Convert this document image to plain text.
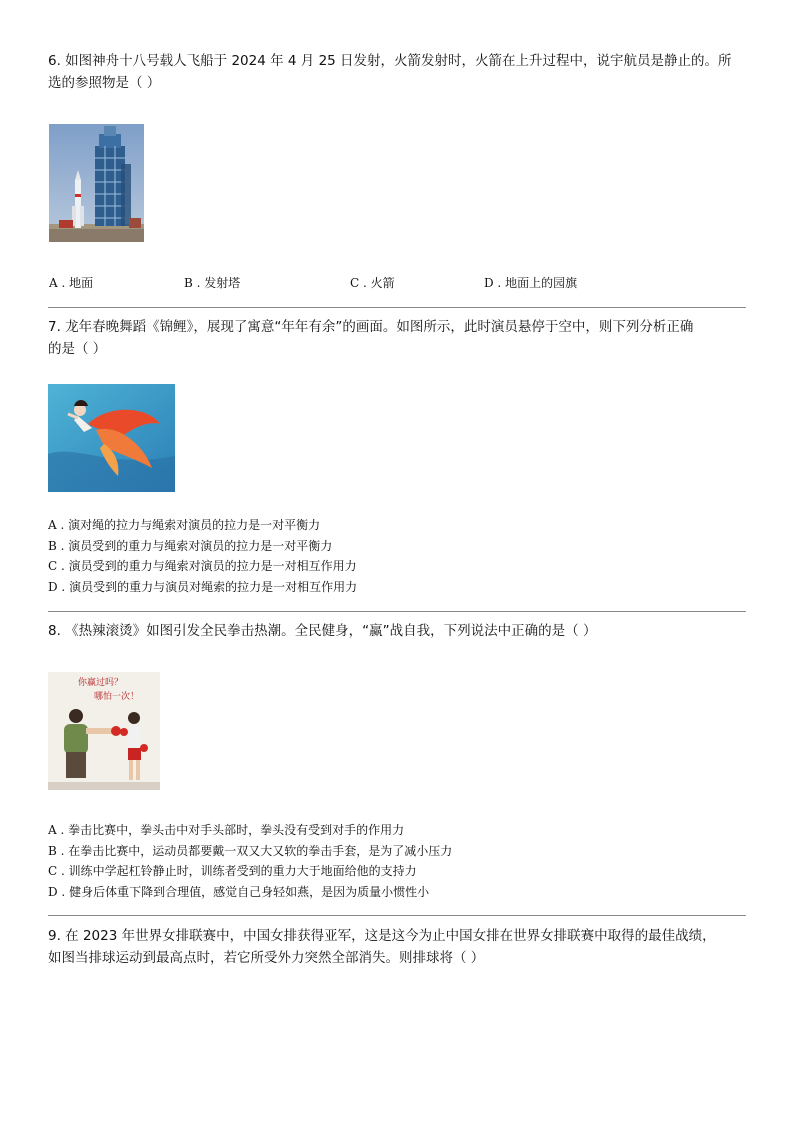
6. 如图神舟十八号载人飞船于 2024 年 4 月 25 日发射，火箭发射时，火箭在上升过程中，说宇航员是静止的。所

选的参照物是（ ）

A . 地面	B . 发射塔	C . 火箭	D . 地面上的园旗

7. 龙年春晚舞蹈《锦鲤》，展现了寓意“年年有余”的画面。如图所示，此时演员悬停于空中，则下列分析正确

的是（ ）

A . 演对绳的拉力与绳索对演员的拉力是一对平衡力
B . 演员受到的重力与绳索对演员的拉力是一对平衡力
C . 演员受到的重力与绳索对演员的拉力是一对相互作用力
D . 演员受到的重力与演员对绳索的拉力是一对相互作用力

8. 《热辣滚烫》如图引发全民拳击热潮。全民健身，“赢”战自我，下列说法中正确的是（ ）

你赢过吗？
哪怕一次！
A . 拳击比赛中，拳头击中对手头部时，拳头没有受到对手的作用力
B . 在拳击比赛中，运动员都要戴一双又大又软的拳击手套，是为了减小压力
C . 训练中学起杠铃静止时，训练者受到的重力大于地面给他的支持力
D . 健身后体重下降到合理值，感觉自己身轻如燕，是因为质量小惯性小

9. 在 2023 年世界女排联赛中，中国女排获得亚军，这是这今为止中国女排在世界女排联赛中取得的最佳战绩，

如图当排球运动到最高点时，若它所受外力突然全部消失。则排球将（ ）
